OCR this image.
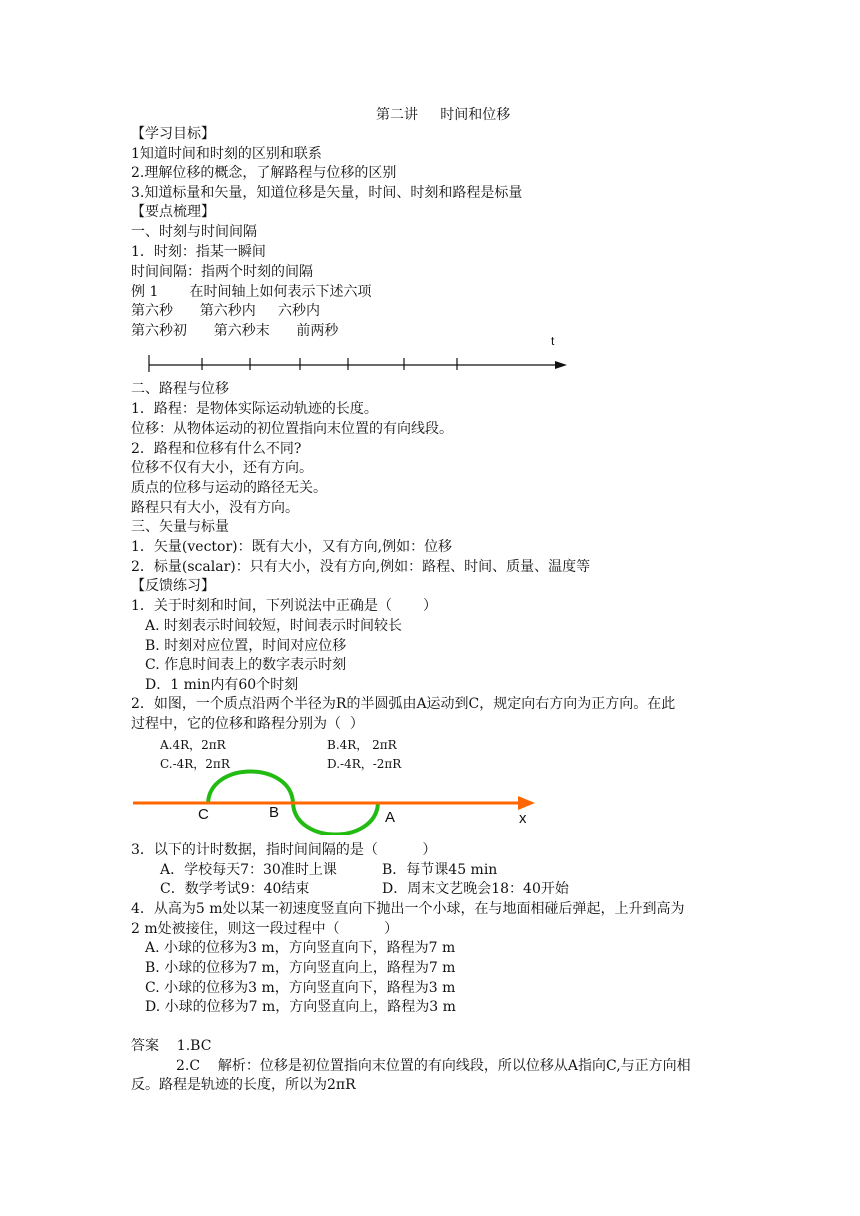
第二讲     时间和位移
【学习目标】
1知道时间和时刻的区别和联系
2.理解位移的概念，了解路程与位移的区别
3.知道标量和矢量，知道位移是矢量，时间、时刻和路程是标量
【要点梳理】
一、时刻与时间间隔
1．时刻：指某一瞬间
时间间隔：指两个时刻的间隔
例 1       在时间轴上如何表示下述六项
第六秒      第六秒内     六秒内
第六秒初      第六秒末      前两秒
t
二、路程与位移
1．路程：是物体实际运动轨迹的长度。
位移：从物体运动的初位置指向末位置的有向线段。
2．路程和位移有什么不同?
位移不仅有大小，还有方向。
质点的位移与运动的路径无关。
路程只有大小，没有方向。
三、矢量与标量
1．矢量(vector)：既有大小，又有方向,例如：位移
2．标量(scalar)：只有大小，没有方向,例如：路程、时间、质量、温度等
【反馈练习】
1．关于时刻和时间，下列说法中正确是（       ）
A. 时刻表示时间较短，时间表示时间较长
B. 时刻对应位置，时间对应位移
C. 作息时间表上的数字表示时刻
D．1 min内有60个时刻
2．如图，一个质点沿两个半径为R的半圆弧由A运动到C，规定向右方向为正方向。在此
过程中，它的位移和路程分别为（  ）
A.4R，2πR	B.4R， 2πR
C.-4R，2πR	D.-4R，-2πR
C	B	A	x
3．以下的计时数据，指时间间隔的是（          ）
A．学校每天7：30准时上课	B．每节课45 min
C．数学考试9：40结束	D．周末文艺晚会18：40开始
4．从高为5 m处以某一初速度竖直向下抛出一个小球，在与地面相碰后弹起，上升到高为
2 m处被接住，则这一段过程中（          ）
A. 小球的位移为3 m，方向竖直向下，路程为7 m
B. 小球的位移为7 m，方向竖直向上，路程为7 m
C. 小球的位移为3 m，方向竖直向下，路程为3 m
D. 小球的位移为7 m，方向竖直向上，路程为3 m
答案    1.BC
2.C    解析：位移是初位置指向末位置的有向线段，所以位移从A指向C,与正方向相
反。路程是轨迹的长度，所以为2πR
